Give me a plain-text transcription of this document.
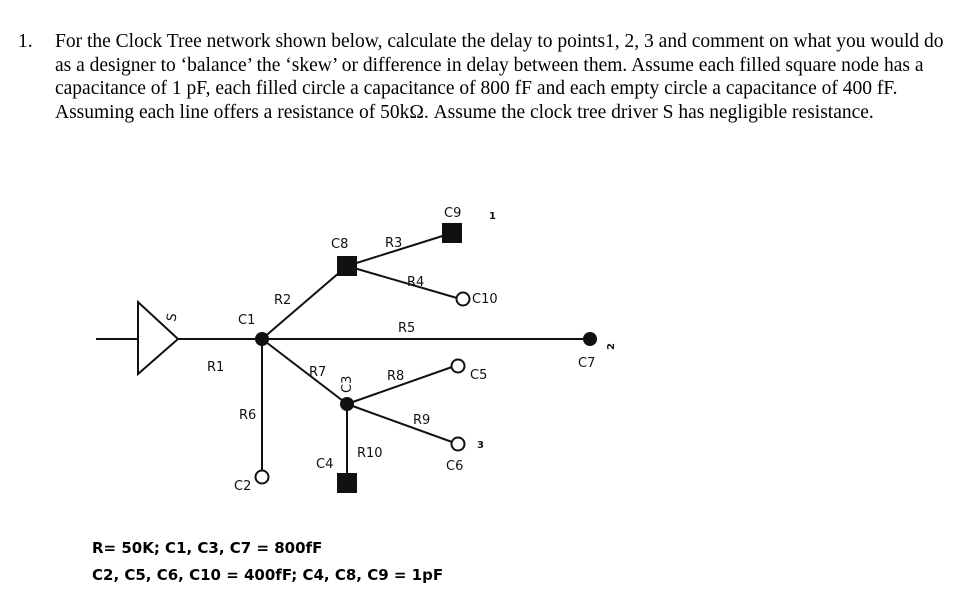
1. For the Clock Tree network shown below, calculate the delay to points1, 2, 3 and comment on what you would do as a designer to ‘balance’ the ‘skew’ or difference in delay between them. Assume each filled square node has a capacitance of 1 pF, each filled circle a capacitance of 800 fF and each empty circle a capacitance of 400 fF. Assuming each line offers a resistance of 50kΩ. Assume the clock tree driver S has negligible resistance.
S
R1
R2
R3
R4
R5
R6
R7	R8
R9
R10
C1
C2
C3
C4
C5
C6
C7
C8
C9
C10
1
2
3
R= 50K; C1, C3, C7 = 800fF
C2, C5, C6, C10 = 400fF; C4, C8, C9 = 1pF
